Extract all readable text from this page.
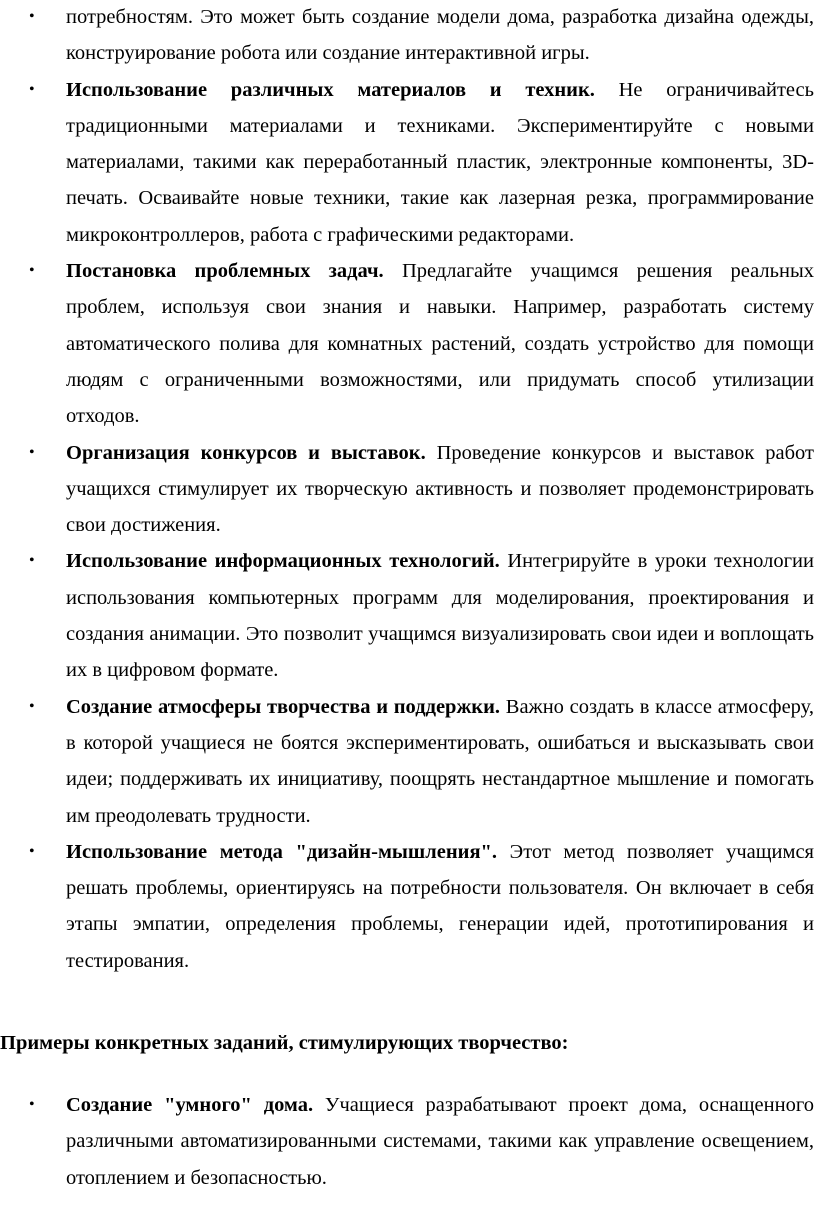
• потребностям. Это может быть создание модели дома, разработка дизайна одежды, конструирование робота или создание интерактивной игры.
• Использование различных материалов и техник. Не ограничивайтесь традиционными материалами и техниками. Экспериментируйте с новыми материалами, такими как переработанный пластик, электронные компоненты, 3D-печать. Осваивайте новые техники, такие как лазерная резка, программирование микроконтроллеров, работа с графическими редакторами.
• Постановка проблемных задач. Предлагайте учащимся решения реальных проблем, используя свои знания и навыки. Например, разработать систему автоматического полива для комнатных растений, создать устройство для помощи людям с ограниченными возможностями, или придумать способ утилизации отходов.
• Организация конкурсов и выставок. Проведение конкурсов и выставок работ учащихся стимулирует их творческую активность и позволяет продемонстрировать свои достижения.
• Использование информационных технологий. Интегрируйте в уроки технологии использования компьютерных программ для моделирования, проектирования и создания анимации. Это позволит учащимся визуализировать свои идеи и воплощать их в цифровом формате.
• Создание атмосферы творчества и поддержки. Важно создать в классе атмосферу, в которой учащиеся не боятся экспериментировать, ошибаться и высказывать свои идеи; поддерживать их инициативу, поощрять нестандартное мышление и помогать им преодолевать трудности.
• Использование метода "дизайн-мышления". Этот метод позволяет учащимся решать проблемы, ориентируясь на потребности пользователя. Он включает в себя этапы эмпатии, определения проблемы, генерации идей, прототипирования и тестирования.

Примеры конкретных заданий, стимулирующих творчество:

• Создание "умного" дома. Учащиеся разрабатывают проект дома, оснащенного различными автоматизированными системами, такими как управление освещением, отоплением и безопасностью.
